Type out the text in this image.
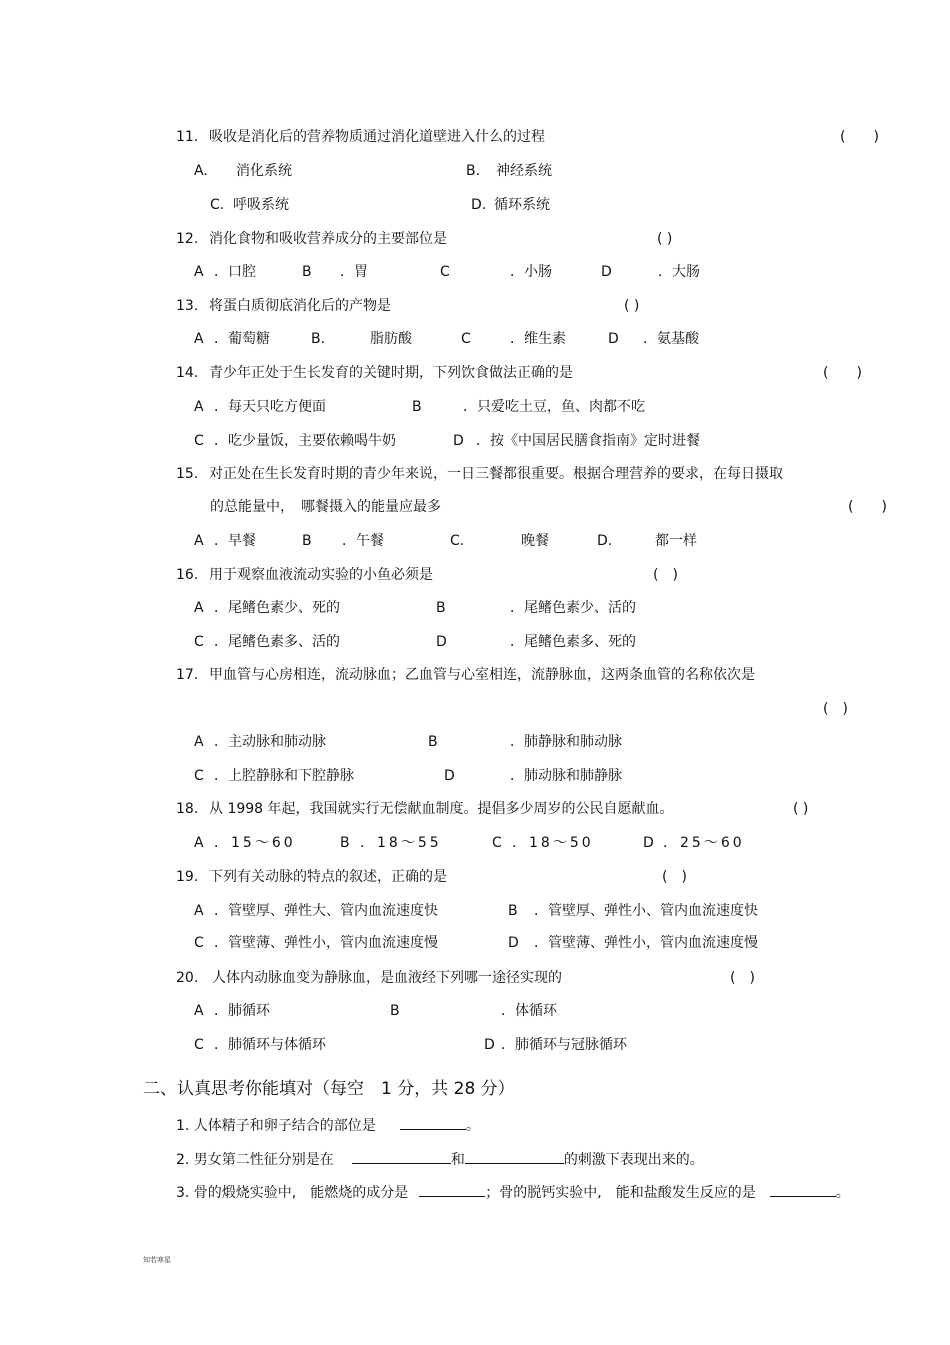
11. 吸收是消化后的营养物质通过消化道壁进入什么的过程	(　　)
A. 消化系统	B． 神经系统
C. 呼吸系统	D. 循环系统
12. 消化食物和吸收营养成分的主要部位是	( )
A ．口腔	B ．胃	C	．小肠	D	．大肠
13. 将蛋白质彻底消化后的产物是	( )
A ．葡萄糖	B.	脂肪酸	C	．维生素	D ．氨基酸
14. 青少年正处于生长发育的关键时期，下列饮食做法正确的是	(　　)
A ．每天只吃方便面	B	．只爱吃土豆，鱼、肉都不吃
C ．吃少量饭，主要依赖喝牛奶	D ．按《中国居民膳食指南》定时进餐
15. 对正处在生长发育时期的青少年来说，一日三餐都很重要。根据合理营养的要求，在每日摄取
的总能量中，　哪餐摄入的能量应最多	(　　)
A ．早餐	B ．午餐	C.	晚餐	D.	都一样
16. 用于观察血液流动实验的小鱼必须是	(　)
A ．尾鳍色素少、死的	B	．尾鳍色素少、活的
C ．尾鳍色素多、活的	D	．尾鳍色素多、死的
17. 甲血管与心房相连，流动脉血；乙血管与心室相连，流静脉血，这两条血管的名称依次是
(　)
A ．主动脉和肺动脉	B	．肺静脉和肺动脉
C ．上腔静脉和下腔静脉	D	．肺动脉和肺静脉
18. 从 1998 年起，我国就实行无偿献血制度。提倡多少周岁的公民自愿献血。	( )
A ．15～60	B ．18～55	C ．18～50	D ．25～60
19. 下列有关动脉的特点的叙述，正确的是	(　)
A ．管壁厚、弹性大、管内血流速度快	B ．管壁厚、弹性小、管内血流速度快
C ．管壁薄、弹性小，管内血流速度慢	D ．管壁薄、弹性小，管内血流速度慢
20. 人体内动脉血变为静脉血，是血液经下列哪一途径实现的	(　)
A ．肺循环	B	．体循环
C ．肺循环与体循环	D ．肺循环与冠脉循环
二、认真思考你能填对（每空　1 分，共 28 分）
1. 人体精子和卵子结合的部位是	。
2. 男女第二性征分别是在	和	的刺激下表现出来的。
3. 骨的煅烧实验中,　能燃烧的成分是	；骨的脱钙实验中,　能和盐酸发生反应的是	。
知若寒星
